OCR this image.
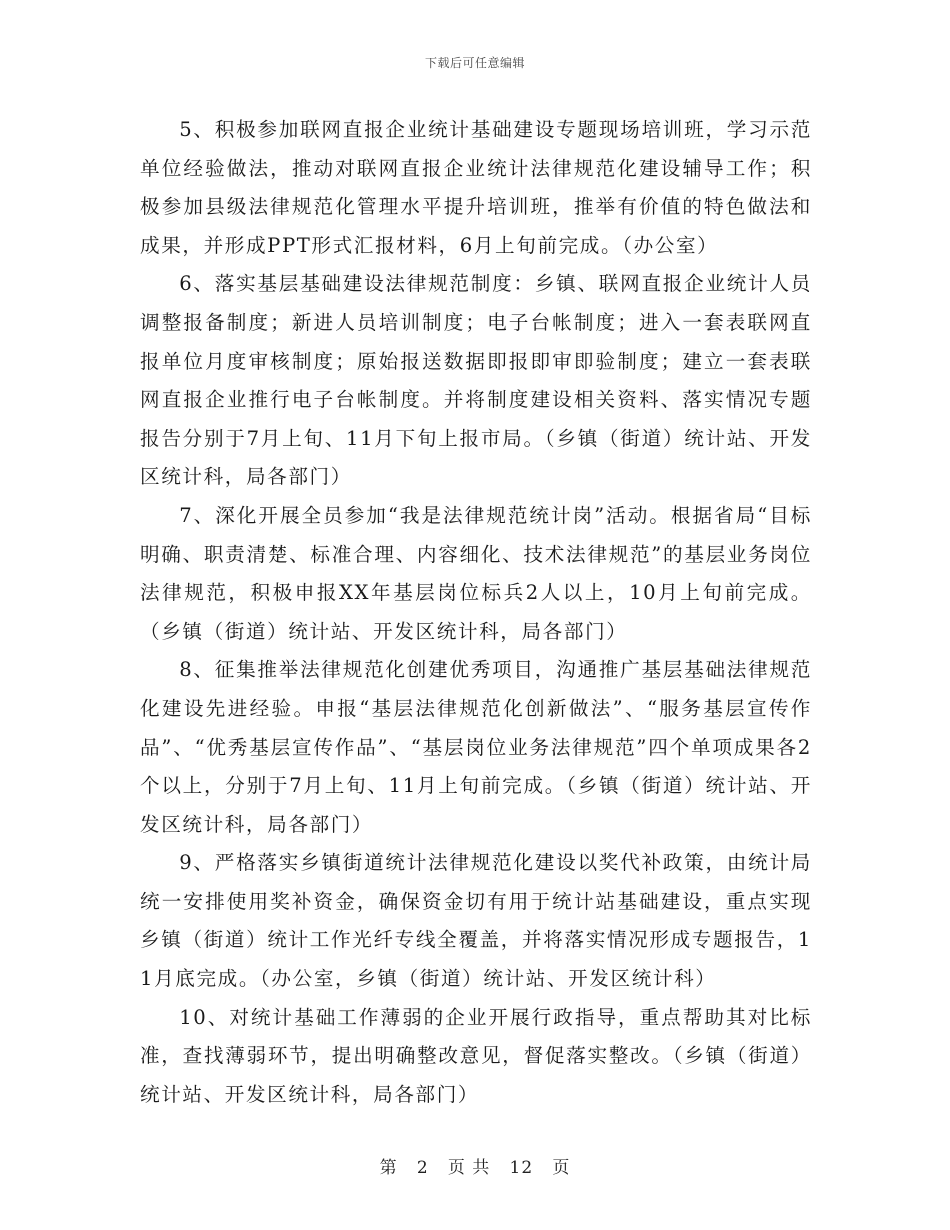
下载后可任意编辑

5、积极参加联网直报企业统计基础建设专题现场培训班，学习示范单位经验做法，推动对联网直报企业统计法律规范化建设辅导工作；积极参加县级法律规范化管理水平提升培训班，推举有价值的特色做法和成果，并形成PPT形式汇报材料，6月上旬前完成。（办公室）

6、落实基层基础建设法律规范制度：乡镇、联网直报企业统计人员调整报备制度；新进人员培训制度；电子台帐制度；进入一套表联网直报单位月度审核制度；原始报送数据即报即审即验制度；建立一套表联网直报企业推行电子台帐制度。并将制度建设相关资料、落实情况专题报告分别于7月上旬、11月下旬上报市局。（乡镇（街道）统计站、开发区统计科，局各部门）

7、深化开展全员参加“我是法律规范统计岗”活动。根据省局“目标明确、职责清楚、标准合理、内容细化、技术法律规范”的基层业务岗位法律规范，积极申报XX年基层岗位标兵2人以上，10月上旬前完成。（乡镇（街道）统计站、开发区统计科，局各部门）

8、征集推举法律规范化创建优秀项目，沟通推广基层基础法律规范化建设先进经验。申报“基层法律规范化创新做法”、“服务基层宣传作品”、“优秀基层宣传作品”、“基层岗位业务法律规范”四个单项成果各2个以上，分别于7月上旬、11月上旬前完成。（乡镇（街道）统计站、开发区统计科，局各部门）

9、严格落实乡镇街道统计法律规范化建设以奖代补政策，由统计局统一安排使用奖补资金，确保资金切有用于统计站基础建设，重点实现乡镇（街道）统计工作光纤专线全覆盖，并将落实情况形成专题报告，11月底完成。（办公室，乡镇（街道）统计站、开发区统计科）

10、对统计基础工作薄弱的企业开展行政指导，重点帮助其对比标准，查找薄弱环节，提出明确整改意见，督促落实整改。（乡镇（街道）统计站、开发区统计科，局各部门）

第 2 页 共 12 页
